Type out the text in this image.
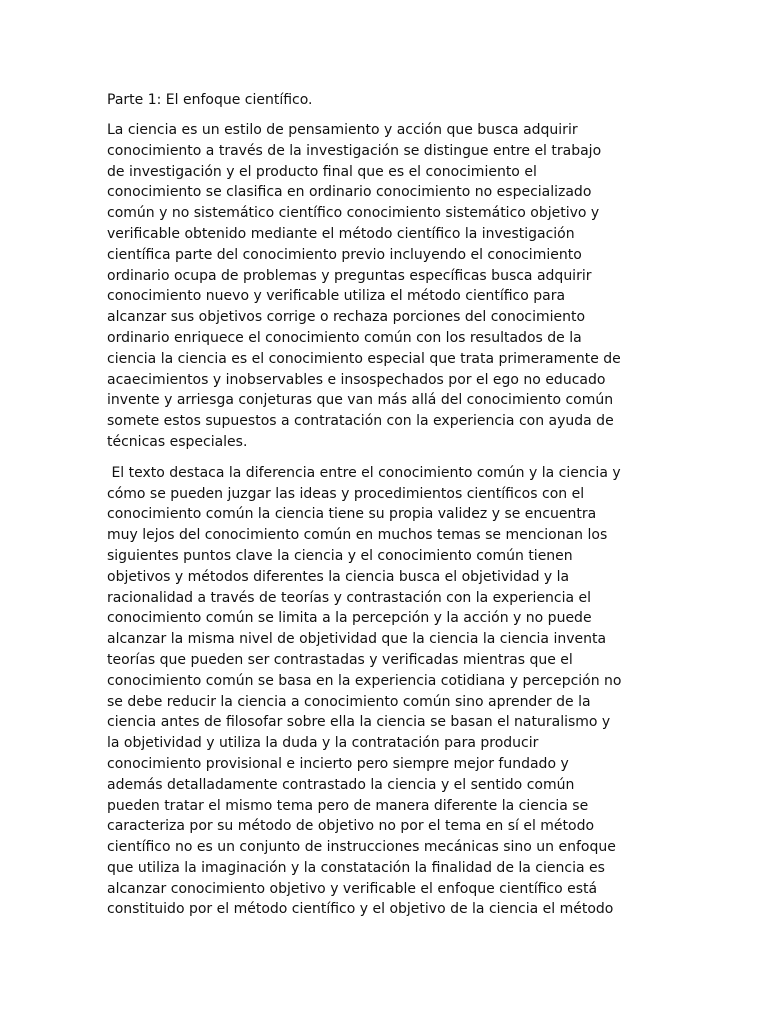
Parte 1: El enfoque científico.
La ciencia es un estilo de pensamiento y acción que busca adquirir
conocimiento a través de la investigación se distingue entre el trabajo
de investigación y el producto final que es el conocimiento el
conocimiento se clasifica en ordinario conocimiento no especializado
común y no sistemático científico conocimiento sistemático objetivo y
verificable obtenido mediante el método científico la investigación
científica parte del conocimiento previo incluyendo el conocimiento
ordinario ocupa de problemas y preguntas específicas busca adquirir
conocimiento nuevo y verificable utiliza el método científico para
alcanzar sus objetivos corrige o rechaza porciones del conocimiento
ordinario enriquece el conocimiento común con los resultados de la
ciencia la ciencia es el conocimiento especial que trata primeramente de
acaecimientos y inobservables e insospechados por el ego no educado
invente y arriesga conjeturas que van más allá del conocimiento común
somete estos supuestos a contratación con la experiencia con ayuda de
técnicas especiales.
El texto destaca la diferencia entre el conocimiento común y la ciencia y
cómo se pueden juzgar las ideas y procedimientos científicos con el
conocimiento común la ciencia tiene su propia validez y se encuentra
muy lejos del conocimiento común en muchos temas se mencionan los
siguientes puntos clave la ciencia y el conocimiento común tienen
objetivos y métodos diferentes la ciencia busca el objetividad y la
racionalidad a través de teorías y contrastación con la experiencia el
conocimiento común se limita a la percepción y la acción y no puede
alcanzar la misma nivel de objetividad que la ciencia la ciencia inventa
teorías que pueden ser contrastadas y verificadas mientras que el
conocimiento común se basa en la experiencia cotidiana y percepción no
se debe reducir la ciencia a conocimiento común sino aprender de la
ciencia antes de filosofar sobre ella la ciencia se basan el naturalismo y
la objetividad y utiliza la duda y la contratación para producir
conocimiento provisional e incierto pero siempre mejor fundado y
además detalladamente contrastado la ciencia y el sentido común
pueden tratar el mismo tema pero de manera diferente la ciencia se
caracteriza por su método de objetivo no por el tema en sí el método
científico no es un conjunto de instrucciones mecánicas sino un enfoque
que utiliza la imaginación y la constatación la finalidad de la ciencia es
alcanzar conocimiento objetivo y verificable el enfoque científico está
constituido por el método científico y el objetivo de la ciencia el método
